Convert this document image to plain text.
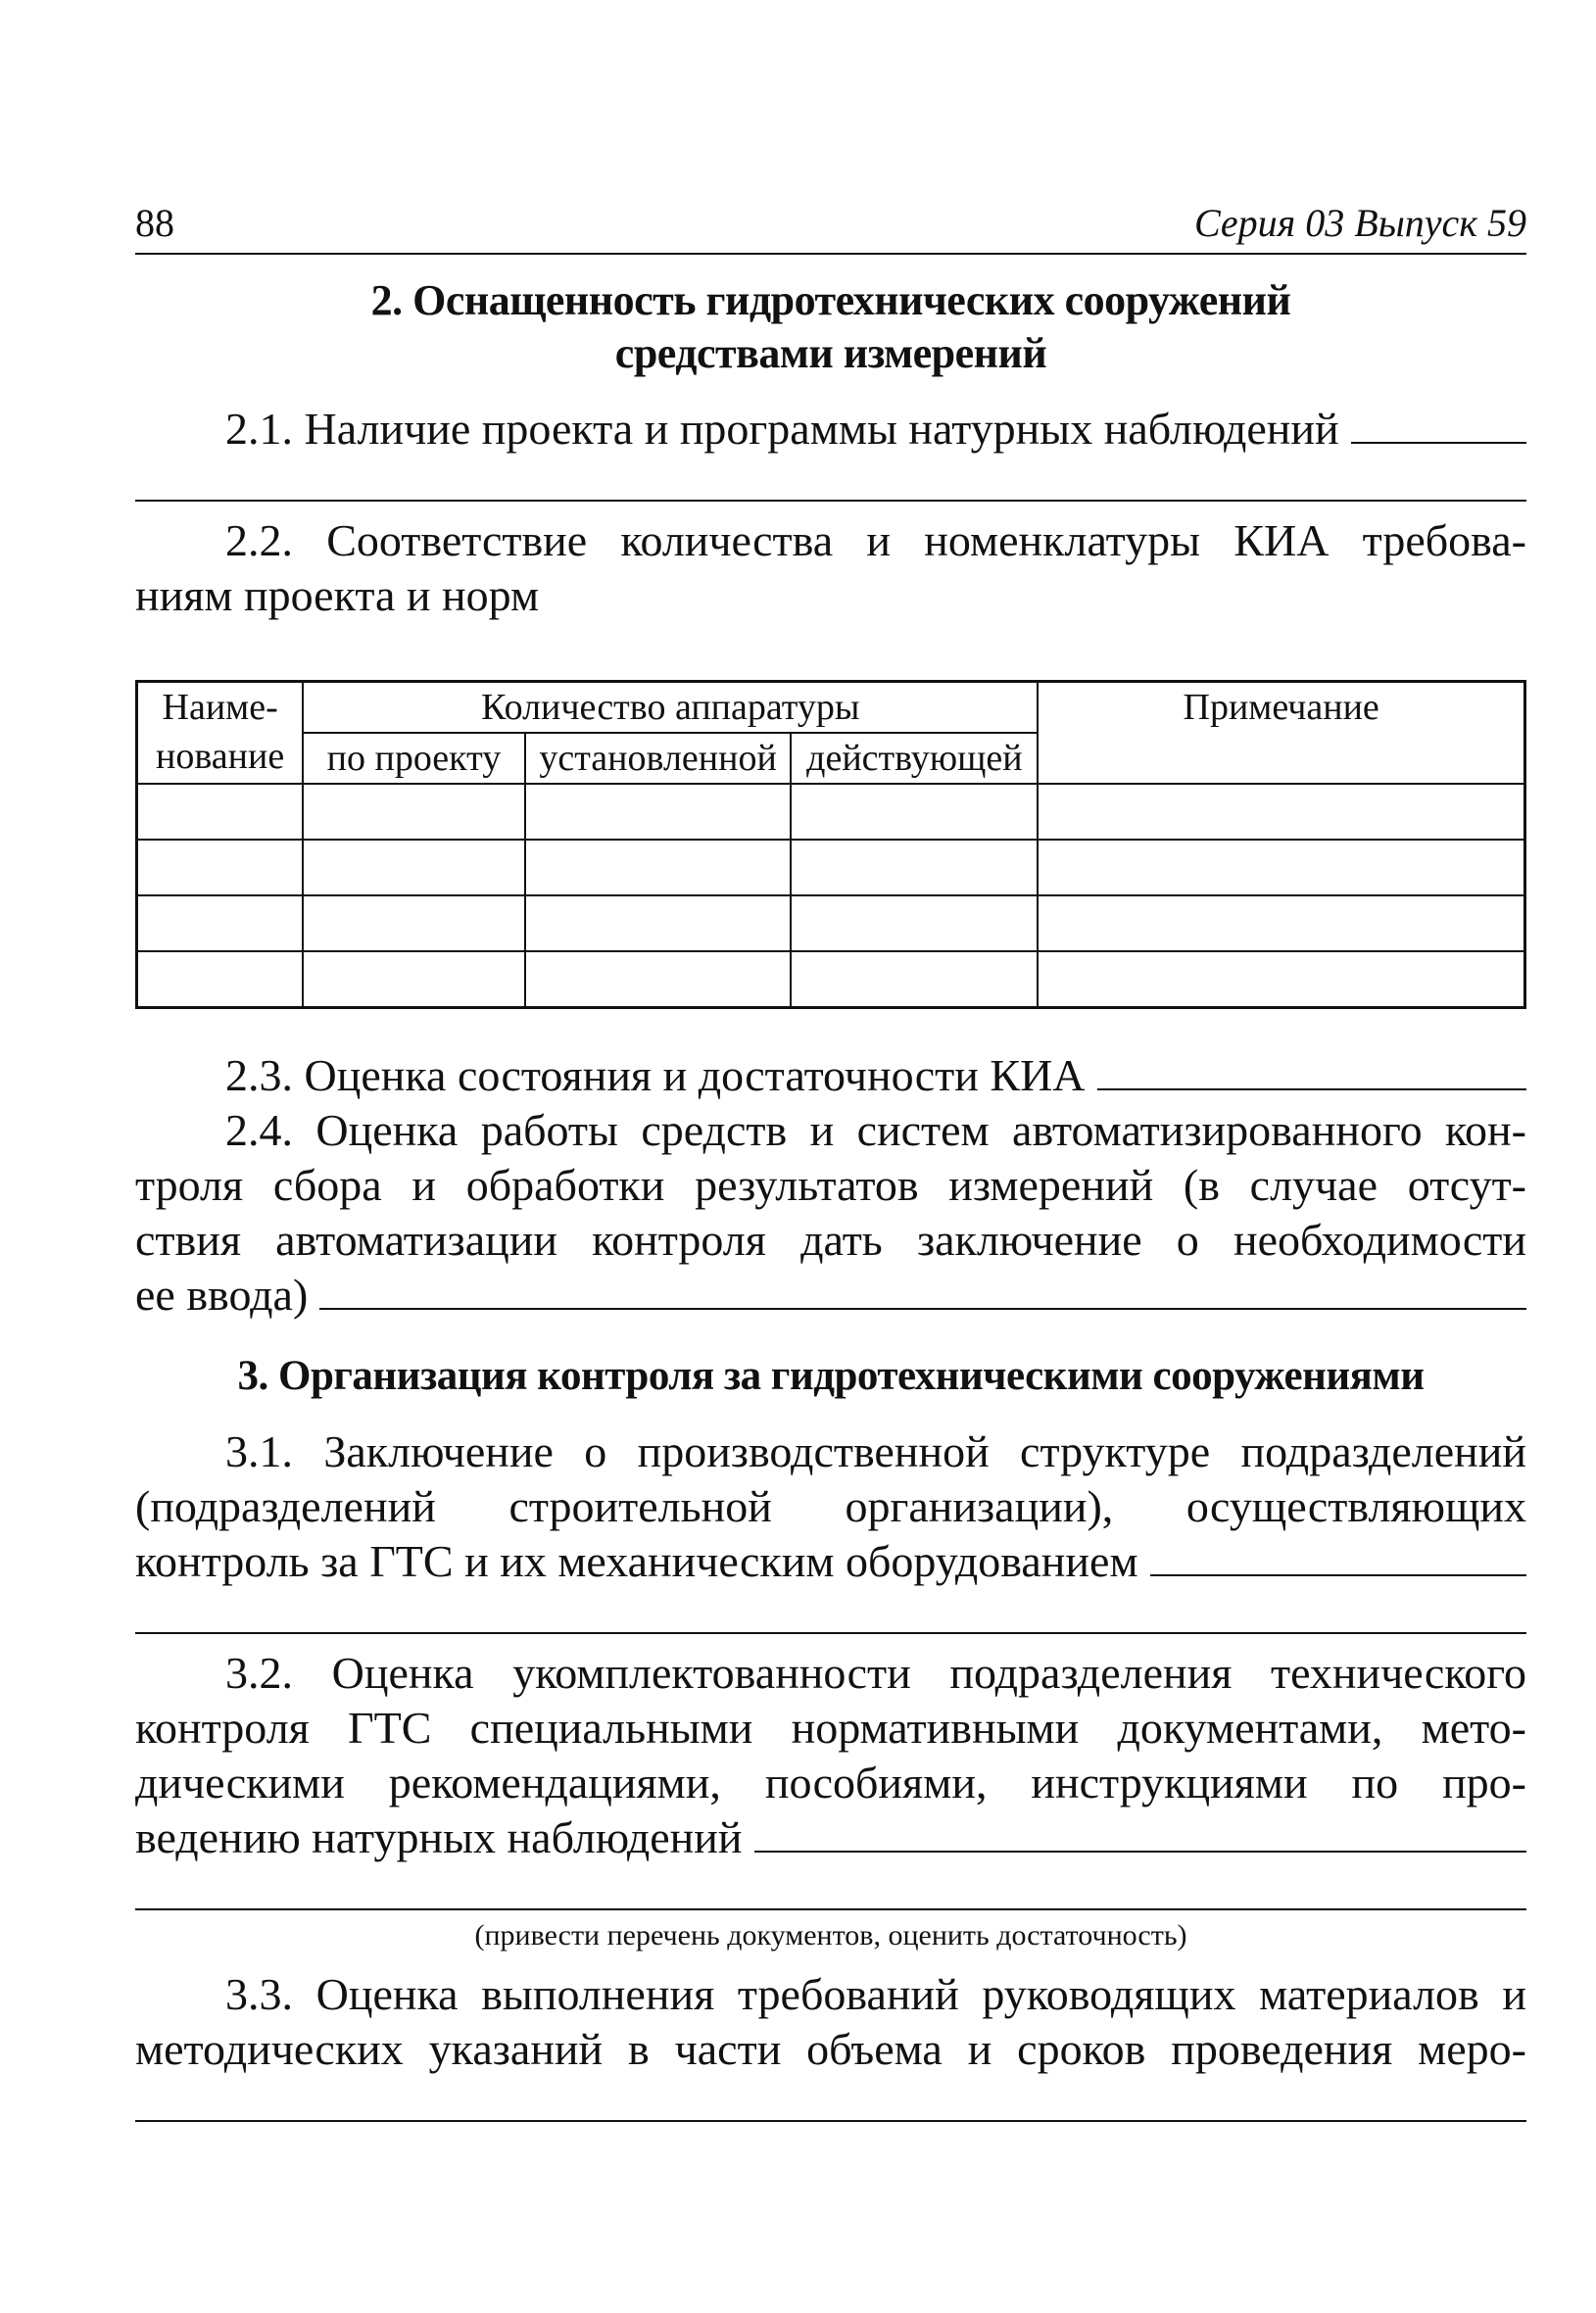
88	Серия 03 Выпуск 59
2. Оснащенность гидротехнических сооружений
средствами измерений
2.1. Наличие проекта и программы натурных наблюдений
2.2. Соответствие количества и номенклатуры КИА требова-
ниям проекта и норм
Наиме-
нование	Количество аппаратуры			Примечание
	по проекту	установленной	действующей	

2.3. Оценка состояния и достаточности КИА
2.4. Оценка работы средств и систем автоматизированного кон-
троля сбора и обработки результатов измерений (в случае отсут-
ствия автоматизации контроля дать заключение о необходимости
ее ввода)
3. Организация контроля за гидротехническими сооружениями
3.1. Заключение о производственной структуре подразделений
(подразделений строительной организации), осуществляющих
контроль за ГТС и их механическим оборудованием
3.2. Оценка укомплектованности подразделения технического
контроля ГТС специальными нормативными документами, мето-
дическими рекомендациями, пособиями, инструкциями по про-
ведению натурных наблюдений
(привести перечень документов, оценить достаточность)
3.3. Оценка выполнения требований руководящих материалов и
методических указаний в части объема и сроков проведения меро-
